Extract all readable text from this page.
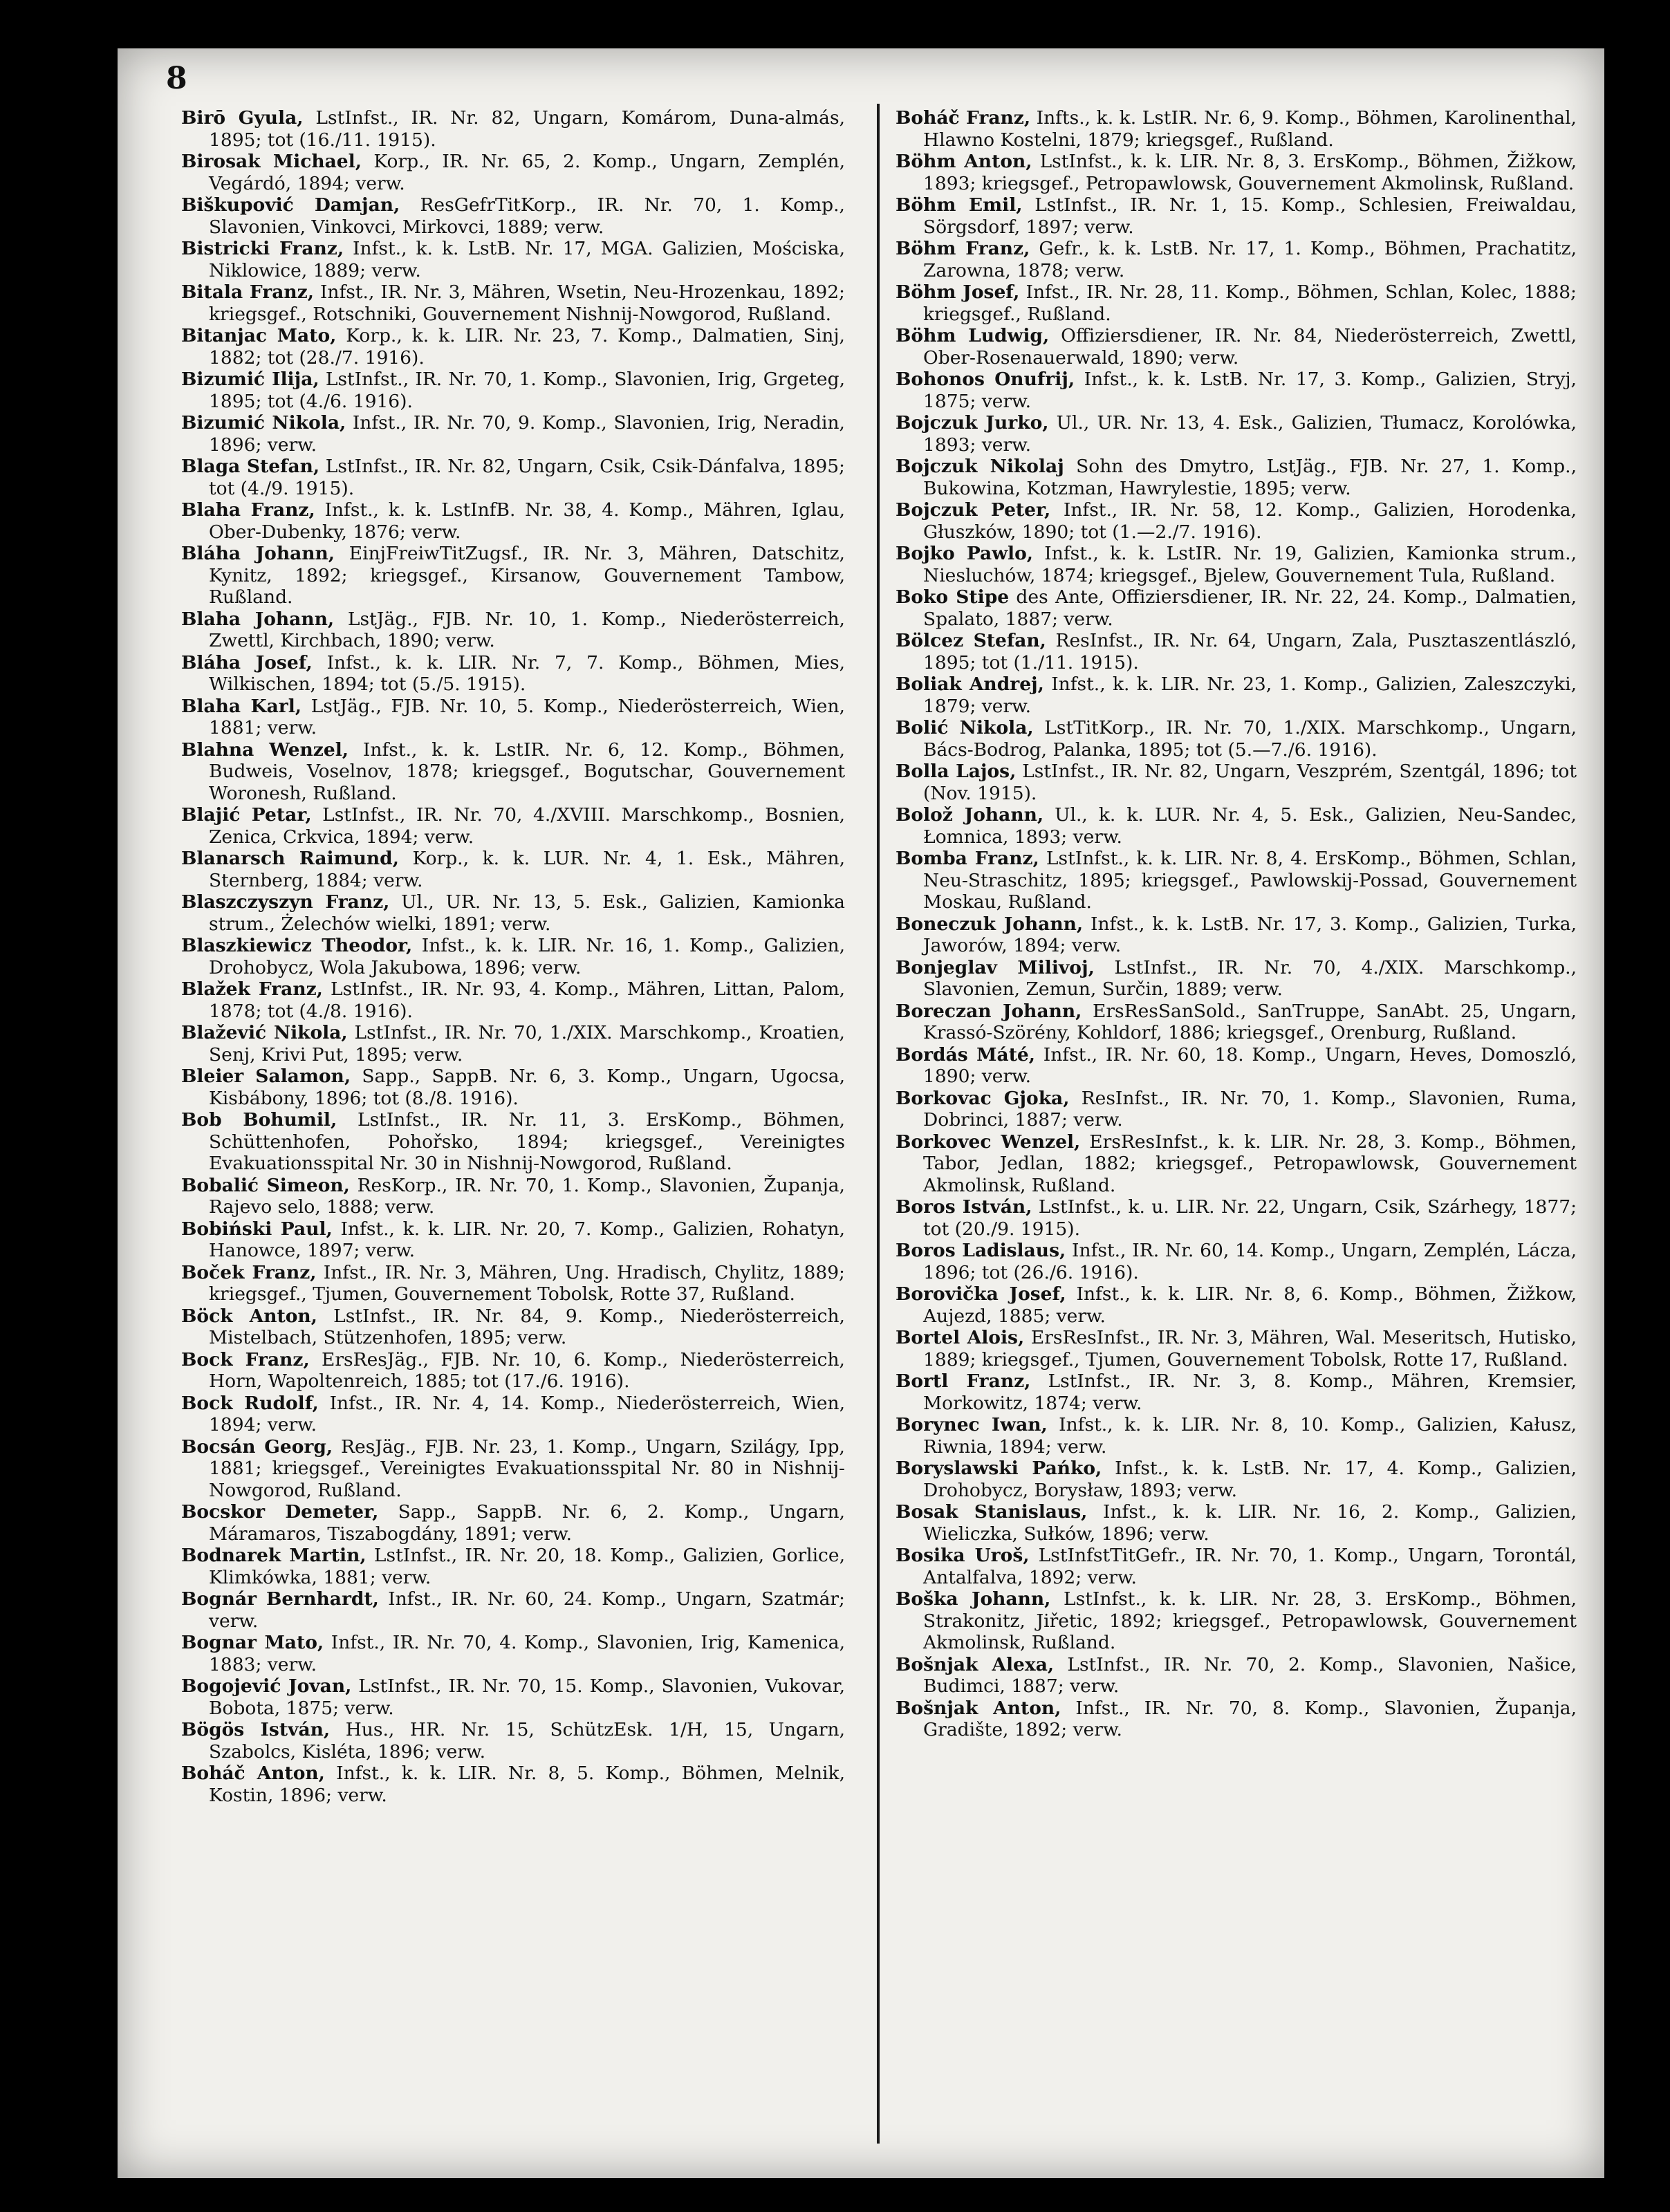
8

Birō Gyula, LstInfst., IR. Nr. 82, Ungarn, Komárom, Duna-almás, 1895; tot (16./11. 1915).

Birosak Michael, Korp., IR. Nr. 65, 2. Komp., Ungarn, Zemplén, Vegárdó, 1894; verw.

Biškupović Damjan, ResGefrTitKorp., IR. Nr. 70, 1. Komp., Slavonien, Vinkovci, Mirkovci, 1889; verw.

Bistricki Franz, Infst., k. k. LstB. Nr. 17, MGA. Galizien, Mościska, Niklowice, 1889; verw.

Bitala Franz, Infst., IR. Nr. 3, Mähren, Wsetin, Neu-Hrozenkau, 1892; kriegsgef., Rotschniki, Gouvernement Nishnij-Nowgorod, Rußland.

Bitanjac Mato, Korp., k. k. LIR. Nr. 23, 7. Komp., Dalmatien, Sinj, 1882; tot (28./7. 1916).

Bizumić Ilija, LstInfst., IR. Nr. 70, 1. Komp., Slavonien, Irig, Grgeteg, 1895; tot (4./6. 1916).

Bizumić Nikola, Infst., IR. Nr. 70, 9. Komp., Slavonien, Irig, Neradin, 1896; verw.

Blaga Stefan, LstInfst., IR. Nr. 82, Ungarn, Csik, Csik-Dánfalva, 1895; tot (4./9. 1915).

Blaha Franz, Infst., k. k. LstInfB. Nr. 38, 4. Komp., Mähren, Iglau, Ober-Dubenky, 1876; verw.

Bláha Johann, EinjFreiwTitZugsf., IR. Nr. 3, Mähren, Datschitz, Kynitz, 1892; kriegsgef., Kirsanow, Gouvernement Tambow, Rußland.

Blaha Johann, LstJäg., FJB. Nr. 10, 1. Komp., Niederösterreich, Zwettl, Kirchbach, 1890; verw.

Bláha Josef, Infst., k. k. LIR. Nr. 7, 7. Komp., Böhmen, Mies, Wilkischen, 1894; tot (5./5. 1915).

Blaha Karl, LstJäg., FJB. Nr. 10, 5. Komp., Niederösterreich, Wien, 1881; verw.

Blahna Wenzel, Infst., k. k. LstIR. Nr. 6, 12. Komp., Böhmen, Budweis, Voselnov, 1878; kriegsgef., Bogutschar, Gouvernement Woronesh, Rußland.

Blajić Petar, LstInfst., IR. Nr. 70, 4./XVIII. Marschkomp., Bosnien, Zenica, Crkvica, 1894; verw.

Blanarsch Raimund, Korp., k. k. LUR. Nr. 4, 1. Esk., Mähren, Sternberg, 1884; verw.

Blaszczyszyn Franz, Ul., UR. Nr. 13, 5. Esk., Galizien, Kamionka strum., Żelechów wielki, 1891; verw.

Blaszkiewicz Theodor, Infst., k. k. LIR. Nr. 16, 1. Komp., Galizien, Drohobycz, Wola Jakubowa, 1896; verw.

Blažek Franz, LstInfst., IR. Nr. 93, 4. Komp., Mähren, Littan, Palom, 1878; tot (4./8. 1916).

Blažević Nikola, LstInfst., IR. Nr. 70, 1./XIX. Marschkomp., Kroatien, Senj, Krivi Put, 1895; verw.

Bleier Salamon, Sapp., SappB. Nr. 6, 3. Komp., Ungarn, Ugocsa, Kisbábony, 1896; tot (8./8. 1916).

Bob Bohumil, LstInfst., IR. Nr. 11, 3. ErsKomp., Böhmen, Schüttenhofen, Pohořsko, 1894; kriegsgef., Vereinigtes Evakuationsspital Nr. 30 in Nishnij-Nowgorod, Rußland.

Bobalić Simeon, ResKorp., IR. Nr. 70, 1. Komp., Slavonien, Županja, Rajevo selo, 1888; verw.

Bobiński Paul, Infst., k. k. LIR. Nr. 20, 7. Komp., Galizien, Rohatyn, Hanowce, 1897; verw.

Boček Franz, Infst., IR. Nr. 3, Mähren, Ung. Hradisch, Chylitz, 1889; kriegsgef., Tjumen, Gouvernement Tobolsk, Rotte 37, Rußland.

Böck Anton, LstInfst., IR. Nr. 84, 9. Komp., Niederösterreich, Mistelbach, Stützenhofen, 1895; verw.

Bock Franz, ErsResJäg., FJB. Nr. 10, 6. Komp., Niederösterreich, Horn, Wapoltenreich, 1885; tot (17./6. 1916).

Bock Rudolf, Infst., IR. Nr. 4, 14. Komp., Niederösterreich, Wien, 1894; verw.

Bocsán Georg, ResJäg., FJB. Nr. 23, 1. Komp., Ungarn, Szilágy, Ipp, 1881; kriegsgef., Vereinigtes Evakuationsspital Nr. 80 in Nishnij-Nowgorod, Rußland.

Bocskor Demeter, Sapp., SappB. Nr. 6, 2. Komp., Ungarn, Máramaros, Tiszabogdány, 1891; verw.

Bodnarek Martin, LstInfst., IR. Nr. 20, 18. Komp., Galizien, Gorlice, Klimkówka, 1881; verw.

Bognár Bernhardt, Infst., IR. Nr. 60, 24. Komp., Ungarn, Szatmár; verw.

Bognar Mato, Infst., IR. Nr. 70, 4. Komp., Slavonien, Irig, Kamenica, 1883; verw.

Bogojević Jovan, LstInfst., IR. Nr. 70, 15. Komp., Slavonien, Vukovar, Bobota, 1875; verw.

Bögös István, Hus., HR. Nr. 15, SchützEsk. 1/H, 15, Ungarn, Szabolcs, Kisléta, 1896; verw.

Boháč Anton, Infst., k. k. LIR. Nr. 8, 5. Komp., Böhmen, Melnik, Kostin, 1896; verw.

Boháč Franz, Infts., k. k. LstIR. Nr. 6, 9. Komp., Böhmen, Karolinenthal, Hlawno Kostelni, 1879; kriegsgef., Rußland.

Böhm Anton, LstInfst., k. k. LIR. Nr. 8, 3. ErsKomp., Böhmen, Žižkow, 1893; kriegsgef., Petropawlowsk, Gouvernement Akmolinsk, Rußland.

Böhm Emil, LstInfst., IR. Nr. 1, 15. Komp., Schlesien, Freiwaldau, Sörgsdorf, 1897; verw.

Böhm Franz, Gefr., k. k. LstB. Nr. 17, 1. Komp., Böhmen, Prachatitz, Zarowna, 1878; verw.

Böhm Josef, Infst., IR. Nr. 28, 11. Komp., Böhmen, Schlan, Kolec, 1888; kriegsgef., Rußland.

Böhm Ludwig, Offiziersdiener, IR. Nr. 84, Niederösterreich, Zwettl, Ober-Rosenauerwald, 1890; verw.

Bohonos Onufrij, Infst., k. k. LstB. Nr. 17, 3. Komp., Galizien, Stryj, 1875; verw.

Bojczuk Jurko, Ul., UR. Nr. 13, 4. Esk., Galizien, Tłumacz, Korolówka, 1893; verw.

Bojczuk Nikolaj Sohn des Dmytro, LstJäg., FJB. Nr. 27, 1. Komp., Bukowina, Kotzman, Hawrylestie, 1895; verw.

Bojczuk Peter, Infst., IR. Nr. 58, 12. Komp., Galizien, Horodenka, Głuszków, 1890; tot (1.—2./7. 1916).

Bojko Pawlo, Infst., k. k. LstIR. Nr. 19, Galizien, Kamionka strum., Niesluchów, 1874; kriegsgef., Bjelew, Gouvernement Tula, Rußland.

Boko Stipe des Ante, Offiziersdiener, IR. Nr. 22, 24. Komp., Dalmatien, Spalato, 1887; verw.

Bölcez Stefan, ResInfst., IR. Nr. 64, Ungarn, Zala, Pusztaszentlászló, 1895; tot (1./11. 1915).

Boliak Andrej, Infst., k. k. LIR. Nr. 23, 1. Komp., Galizien, Zaleszczyki, 1879; verw.

Bolić Nikola, LstTitKorp., IR. Nr. 70, 1./XIX. Marschkomp., Ungarn, Bács-Bodrog, Palanka, 1895; tot (5.—7./6. 1916).

Bolla Lajos, LstInfst., IR. Nr. 82, Ungarn, Veszprém, Szentgál, 1896; tot (Nov. 1915).

Bolož Johann, Ul., k. k. LUR. Nr. 4, 5. Esk., Galizien, Neu-Sandec, Łomnica, 1893; verw.

Bomba Franz, LstInfst., k. k. LIR. Nr. 8, 4. ErsKomp., Böhmen, Schlan, Neu-Straschitz, 1895; kriegsgef., Pawlowskij-Possad, Gouvernement Moskau, Rußland.

Boneczuk Johann, Infst., k. k. LstB. Nr. 17, 3. Komp., Galizien, Turka, Jaworów, 1894; verw.

Bonjeglav Milivoj, LstInfst., IR. Nr. 70, 4./XIX. Marschkomp., Slavonien, Zemun, Surčin, 1889; verw.

Boreczan Johann, ErsResSanSold., SanTruppe, SanAbt. 25, Ungarn, Krassó-Szörény, Kohldorf, 1886; kriegsgef., Orenburg, Rußland.

Bordás Máté, Infst., IR. Nr. 60, 18. Komp., Ungarn, Heves, Domoszló, 1890; verw.

Borkovac Gjoka, ResInfst., IR. Nr. 70, 1. Komp., Slavonien, Ruma, Dobrinci, 1887; verw.

Borkovec Wenzel, ErsResInfst., k. k. LIR. Nr. 28, 3. Komp., Böhmen, Tabor, Jedlan, 1882; kriegsgef., Petropawlowsk, Gouvernement Akmolinsk, Rußland.

Boros István, LstInfst., k. u. LIR. Nr. 22, Ungarn, Csik, Szárhegy, 1877; tot (20./9. 1915).

Boros Ladislaus, Infst., IR. Nr. 60, 14. Komp., Ungarn, Zemplén, Lácza, 1896; tot (26./6. 1916).

Borovička Josef, Infst., k. k. LIR. Nr. 8, 6. Komp., Böhmen, Žižkow, Aujezd, 1885; verw.

Bortel Alois, ErsResInfst., IR. Nr. 3, Mähren, Wal. Meseritsch, Hutisko, 1889; kriegsgef., Tjumen, Gouvernement Tobolsk, Rotte 17, Rußland.

Bortl Franz, LstInfst., IR. Nr. 3, 8. Komp., Mähren, Kremsier, Morkowitz, 1874; verw.

Borynec Iwan, Infst., k. k. LIR. Nr. 8, 10. Komp., Galizien, Kałusz, Riwnia, 1894; verw.

Boryslawski Pańko, Infst., k. k. LstB. Nr. 17, 4. Komp., Galizien, Drohobycz, Borysław, 1893; verw.

Bosak Stanislaus, Infst., k. k. LIR. Nr. 16, 2. Komp., Galizien, Wieliczka, Sułków, 1896; verw.

Bosika Uroš, LstInfstTitGefr., IR. Nr. 70, 1. Komp., Ungarn, Torontál, Antalfalva, 1892; verw.

Boška Johann, LstInfst., k. k. LIR. Nr. 28, 3. ErsKomp., Böhmen, Strakonitz, Jiřetic, 1892; kriegsgef., Petropawlowsk, Gouvernement Akmolinsk, Rußland.

Bošnjak Alexa, LstInfst., IR. Nr. 70, 2. Komp., Slavonien, Našice, Budimci, 1887; verw.

Bošnjak Anton, Infst., IR. Nr. 70, 8. Komp., Slavonien, Županja, Gradište, 1892; verw.
